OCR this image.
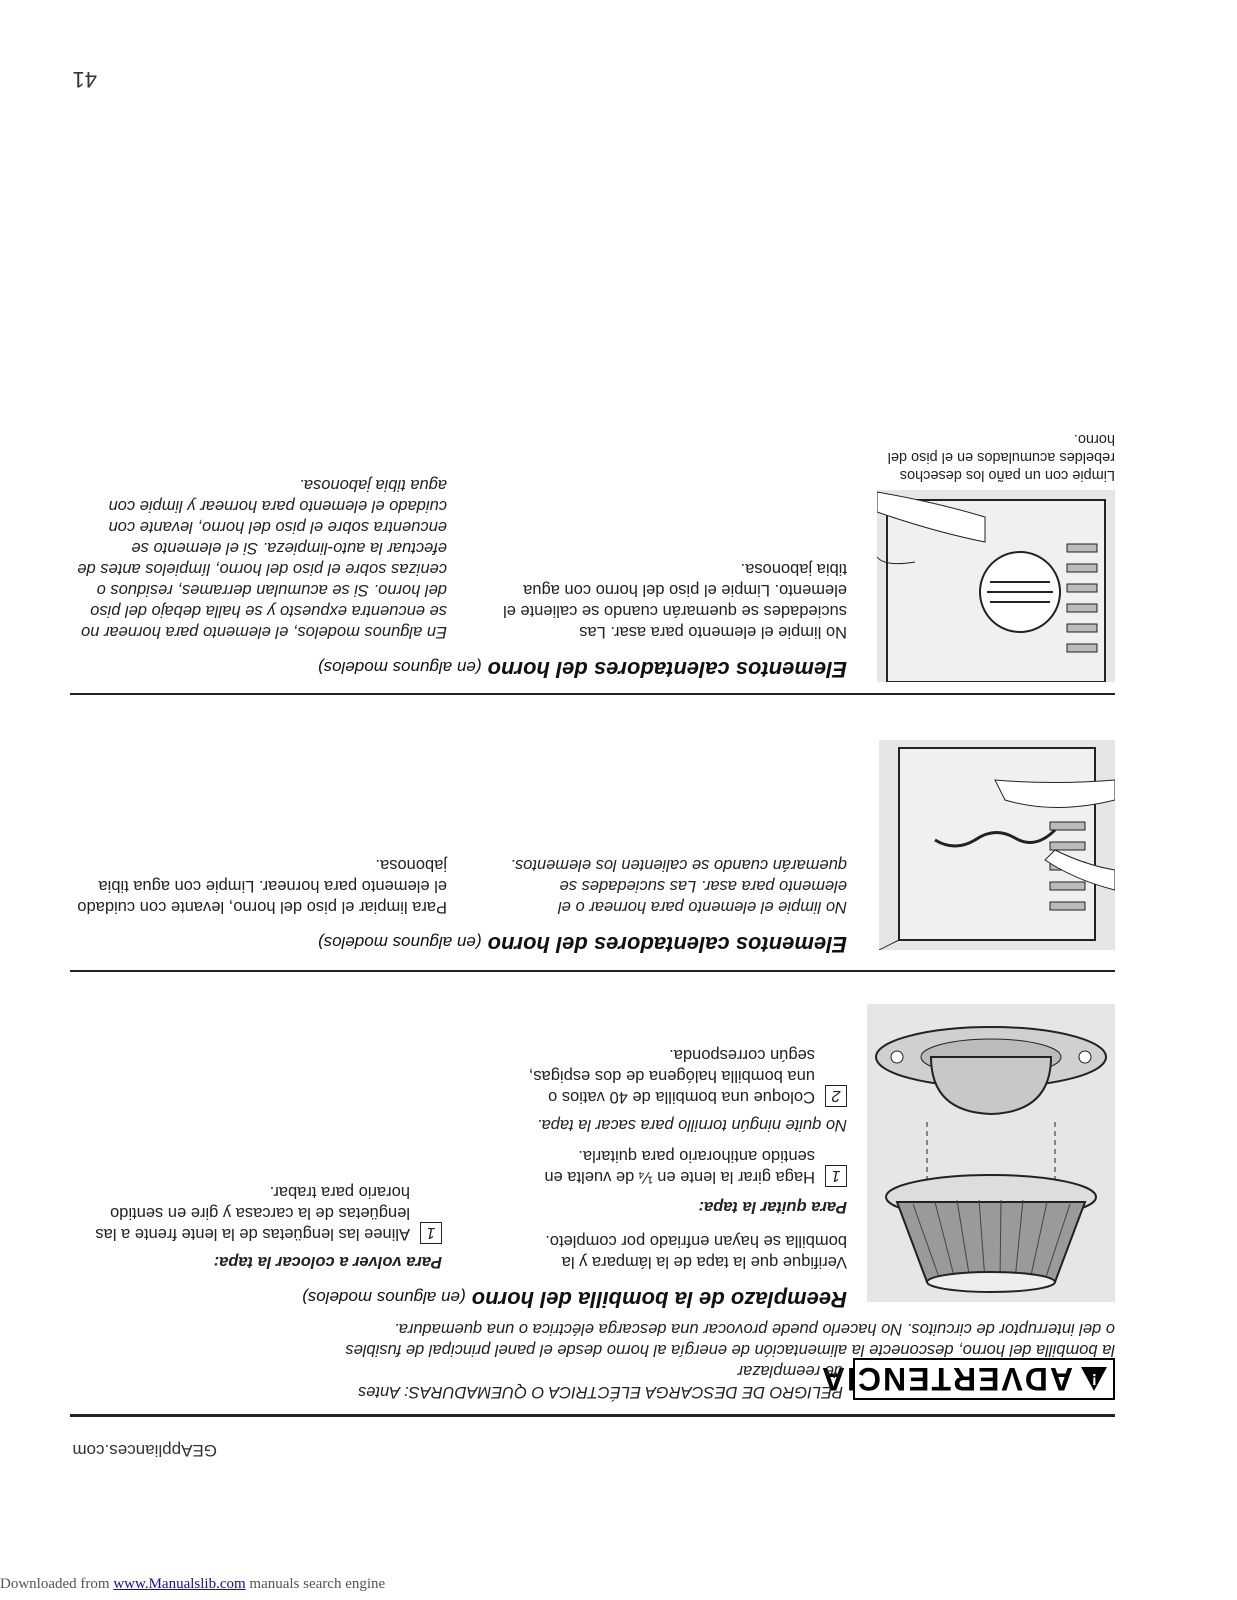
GEAppliances.com
!
ADVERTENCIA
PELIGRO DE DESCARGA ELÉCTRICA O QUEMADURAS: Antes de reemplazar
la bombilla del horno, desconecte la alimentación de energía al horno desde el panel principal de fusibles o del interruptor de circuitos. No hacerlo puede provocar una descarga eléctrica o una quemadura.
Reemplazo de la bombilla del horno (en algunos modelos)
Verifique que la tapa de la lámpara y la bombilla se hayan enfriado por completo.
Para quitar la tapa:
1
Haga girar la lente en ¼ de vuelta en sentido antihorario para quitarla.
No quite ningún tornillo para sacar la tapa.
2
Coloque una bombilla de 40 vatios o una bombilla halógena de dos espigas, según corresponda.
Para volver a colocar la tapa:
1
Alinee las lengüetas de la lente frente a las lengüetas de la carcasa y gire en sentido horario para trabar.
Elementos calentadores del horno (en algunos modelos)
No limpie el elemento para hornear o el elemento para asar. Las suciedades se quemarán cuando se calienten los elementos.
Para limpiar el piso del horno, levante con cuidado el elemento para hornear. Limpie con agua tibia jabonosa.
Elementos calentadores del horno (en algunos modelos)
No limpie el elemento para asar. Las suciedades se quemarán cuando se caliente el elemento. Limpie el piso del horno con agua tibia jabonosa.
En algunos modelos, el elemento para hornear no se encuentra expuesto y se halla debajo del piso del horno. Si se acumulan derrames, residuos o cenizas sobre el piso del horno, límpielos antes de efectuar la auto-limpieza. Si el elemento se encuentra sobre el piso del horno, levante con cuidado el elemento para hornear y limpie con agua tibia jabonosa.
Limpie con un paño los desechos rebeldes acumulados en el piso del horno.
41
Downloaded from www.Manualslib.com manuals search engine
